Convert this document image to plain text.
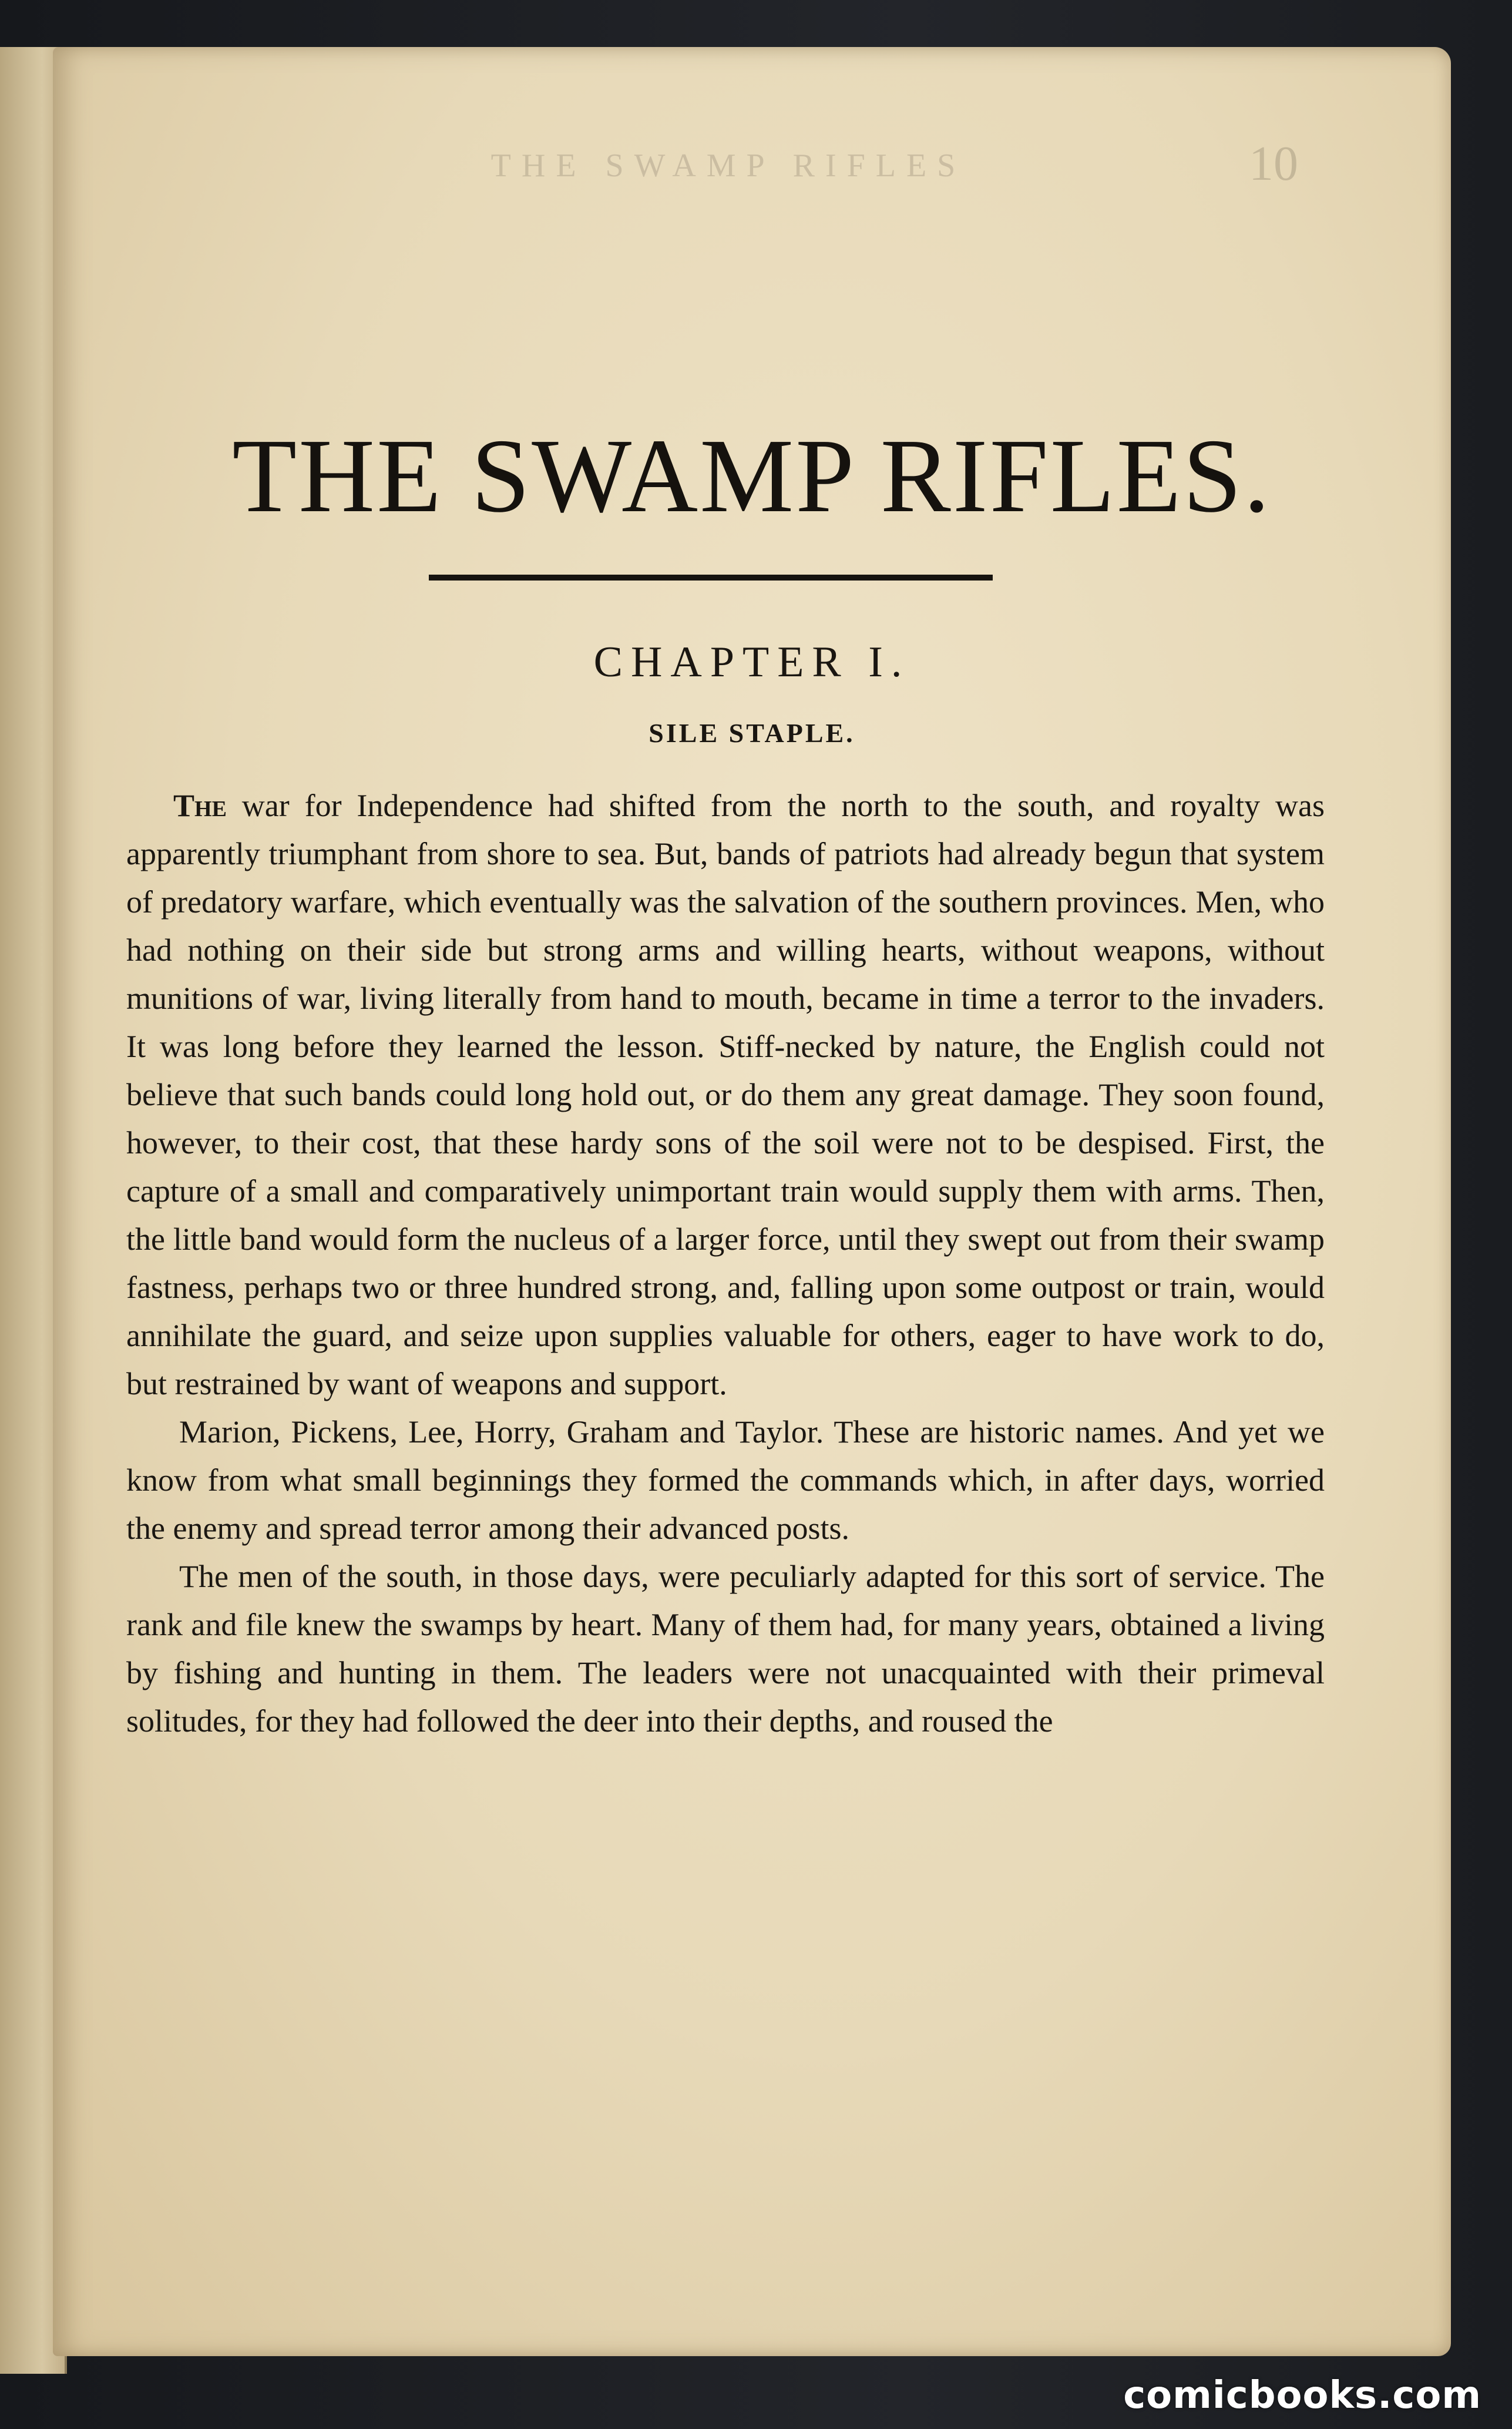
THE SWAMP RIFLES	10
THE SWAMP RIFLES.
CHAPTER I.
SILE STAPLE.

The war for Independence had shifted from the north to the south, and royalty was apparently triumphant from shore to sea. But, bands of patriots had already begun that system of predatory warfare, which eventually was the salvation of the southern provinces. Men, who had nothing on their side but strong arms and willing hearts, without weapons, without munitions of war, living literally from hand to mouth, became in time a terror to the invaders. It was long before they learned the lesson. Stiff-necked by nature, the English could not believe that such bands could long hold out, or do them any great damage. They soon found, however, to their cost, that these hardy sons of the soil were not to be despised. First, the capture of a small and comparatively unimportant train would supply them with arms. Then, the little band would form the nucleus of a larger force, until they swept out from their swamp fastness, perhaps two or three hundred strong, and, falling upon some outpost or train, would annihilate the guard, and seize upon supplies valuable for others, eager to have work to do, but restrained by want of weapons and support.

Marion, Pickens, Lee, Horry, Graham and Taylor. These are historic names. And yet we know from what small beginnings they formed the commands which, in after days, worried the enemy and spread terror among their advanced posts.

The men of the south, in those days, were peculiarly adapted for this sort of service. The rank and file knew the swamps by heart. Many of them had, for many years, obtained a living by fishing and hunting in them. The leaders were not unacquainted with their primeval solitudes, for they had followed the deer into their depths, and roused the

comicbooks.com
